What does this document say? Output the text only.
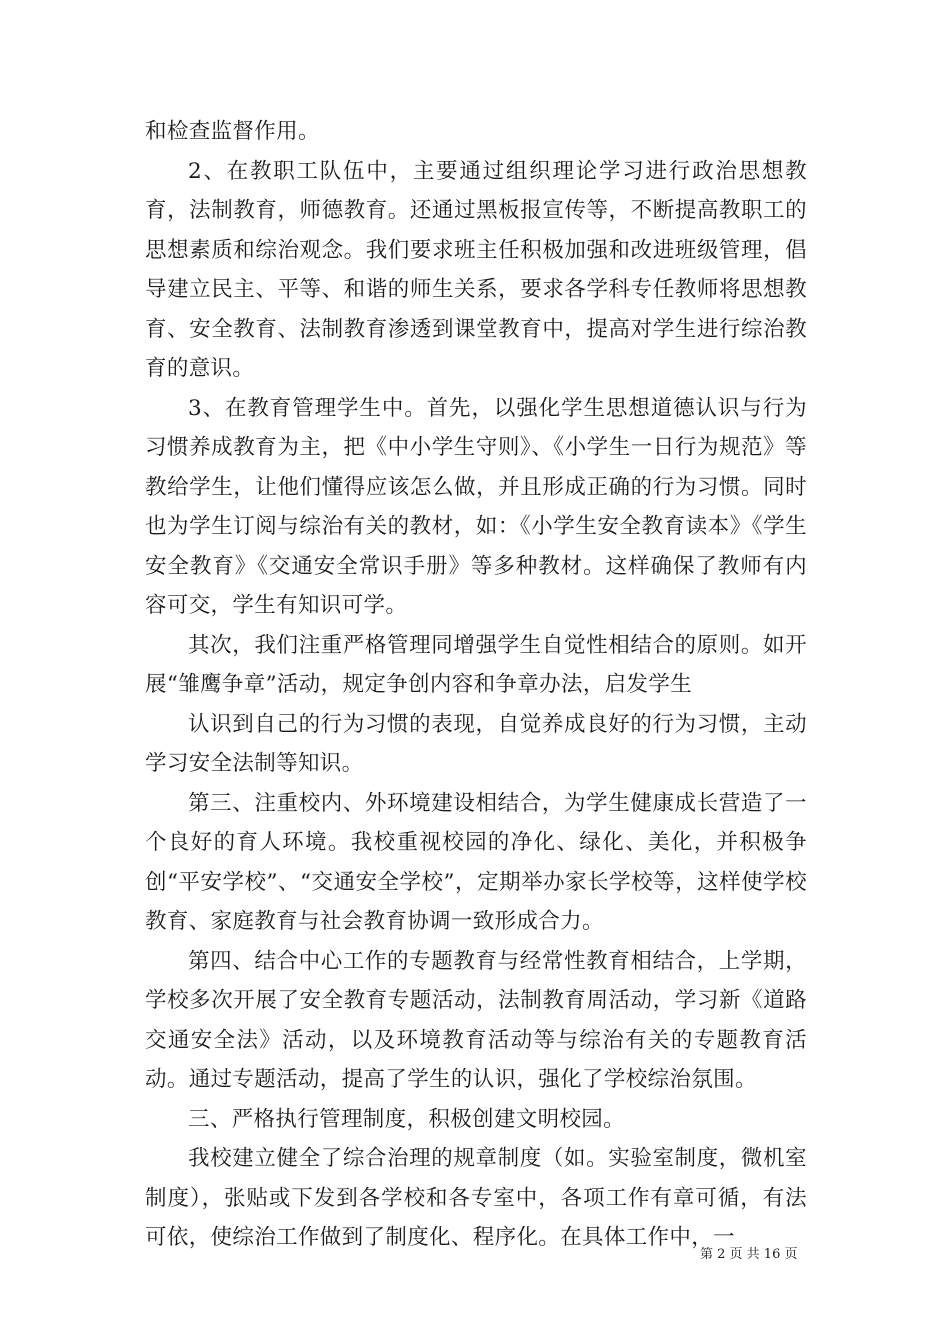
和检查监督作用。

2、在教职工队伍中，主要通过组织理论学习进行政治思想教育，法制教育，师德教育。还通过黑板报宣传等，不断提高教职工的思想素质和综治观念。我们要求班主任积极加强和改进班级管理，倡导建立民主、平等、和谐的师生关系，要求各学科专任教师将思想教育、安全教育、法制教育渗透到课堂教育中，提高对学生进行综治教育的意识。

3、在教育管理学生中。首先，以强化学生思想道德认识与行为习惯养成教育为主，把《中小学生守则》、《小学生一日行为规范》等教给学生，让他们懂得应该怎么做，并且形成正确的行为习惯。同时也为学生订阅与综治有关的教材，如：《小学生安全教育读本》《学生安全教育》《交通安全常识手册》等多种教材。这样确保了教师有内容可交，学生有知识可学。

其次，我们注重严格管理同增强学生自觉性相结合的原则。如开展“雏鹰争章”活动，规定争创内容和争章办法，启发学生

认识到自己的行为习惯的表现，自觉养成良好的行为习惯，主动学习安全法制等知识。

第三、注重校内、外环境建设相结合，为学生健康成长营造了一个良好的育人环境。我校重视校园的净化、绿化、美化，并积极争创“平安学校”、“交通安全学校”，定期举办家长学校等，这样使学校教育、家庭教育与社会教育协调一致形成合力。

第四、结合中心工作的专题教育与经常性教育相结合，上学期，学校多次开展了安全教育专题活动，法制教育周活动，学习新《道路交通安全法》活动，以及环境教育活动等与综治有关的专题教育活动。通过专题活动，提高了学生的认识，强化了学校综治氛围。

三、严格执行管理制度，积极创建文明校园。

我校建立健全了综合治理的规章制度（如。实验室制度，微机室制度），张贴或下发到各学校和各专室中，各项工作有章可循，有法可依，使综治工作做到了制度化、程序化。在具体工作中，一

第 2 页 共 16 页
